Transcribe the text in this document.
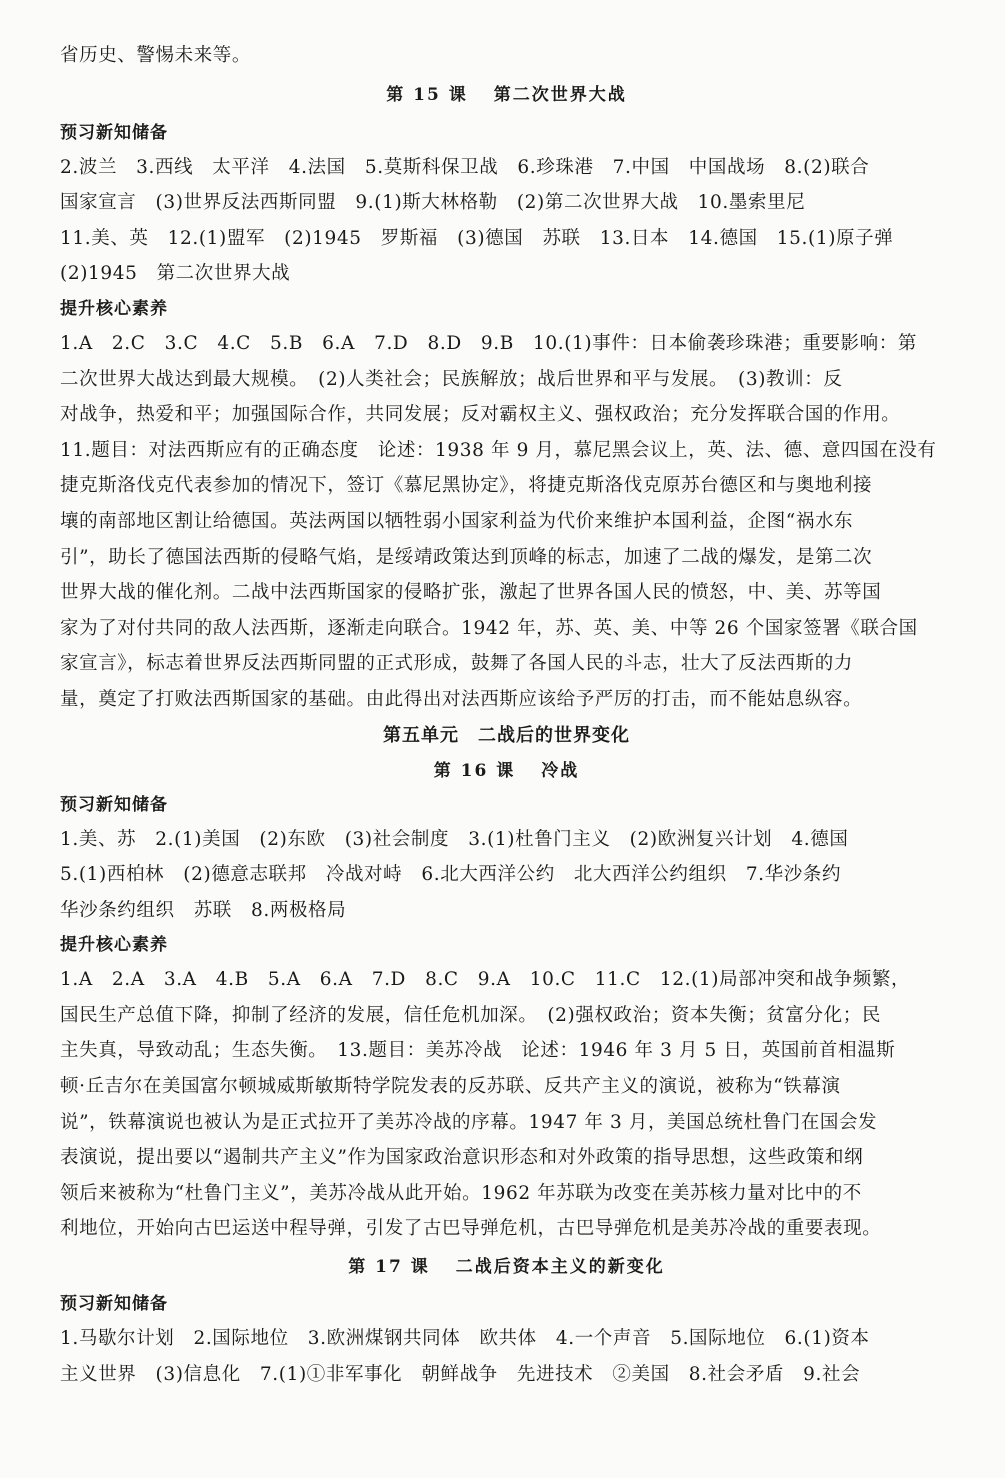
省历史、警惕未来等。

第 15 课 第二次世界大战
预习新知储备

2.波兰　3.西线　太平洋　4.法国　5.莫斯科保卫战　6.珍珠港　7.中国　中国战场　8.(2)联合

国家宣言　(3)世界反法西斯同盟　9.(1)斯大林格勒　(2)第二次世界大战　10.墨索里尼

11.美、英　12.(1)盟军　(2)1945　罗斯福　(3)德国　苏联　13.日本　14.德国　15.(1)原子弹

(2)1945　第二次世界大战

提升核心素养

1.A　2.C　3.C　4.C　5.B　6.A　7.D　8.D　9.B　10.(1)事件：日本偷袭珍珠港；重要影响：第

二次世界大战达到最大规模。　(2)人类社会；民族解放；战后世界和平与发展。　(3)教训：反

对战争，热爱和平；加强国际合作，共同发展；反对霸权主义、强权政治；充分发挥联合国的作用。

11.题目：对法西斯应有的正确态度　论述：1938 年 9 月，慕尼黑会议上，英、法、德、意四国在没有

捷克斯洛伐克代表参加的情况下，签订《慕尼黑协定》，将捷克斯洛伐克原苏台德区和与奥地利接

壤的南部地区割让给德国。英法两国以牺牲弱小国家利益为代价来维护本国利益，企图“祸水东

引”，助长了德国法西斯的侵略气焰，是绥靖政策达到顶峰的标志，加速了二战的爆发，是第二次

世界大战的催化剂。二战中法西斯国家的侵略扩张，激起了世界各国人民的愤怒，中、美、苏等国

家为了对付共同的敌人法西斯，逐渐走向联合。1942 年，苏、英、美、中等 26 个国家签署《联合国

家宣言》，标志着世界反法西斯同盟的正式形成，鼓舞了各国人民的斗志，壮大了反法西斯的力

量，奠定了打败法西斯国家的基础。由此得出对法西斯应该给予严厉的打击，而不能姑息纵容。

第五单元　二战后的世界变化
第 16 课 冷战
预习新知储备

1.美、苏　2.(1)美国　(2)东欧　(3)社会制度　3.(1)杜鲁门主义　(2)欧洲复兴计划　4.德国

5.(1)西柏林　(2)德意志联邦　冷战对峙　6.北大西洋公约　北大西洋公约组织　7.华沙条约

华沙条约组织　苏联　8.两极格局

提升核心素养

1.A　2.A　3.A　4.B　5.A　6.A　7.D　8.C　9.A　10.C　11.C　12.(1)局部冲突和战争频繁，

国民生产总值下降，抑制了经济的发展，信任危机加深。　(2)强权政治；资本失衡；贫富分化；民

主失真，导致动乱；生态失衡。　13.题目：美苏冷战　论述：1946 年 3 月 5 日，英国前首相温斯

顿·丘吉尔在美国富尔顿城威斯敏斯特学院发表的反苏联、反共产主义的演说，被称为“铁幕演

说”，铁幕演说也被认为是正式拉开了美苏冷战的序幕。1947 年 3 月，美国总统杜鲁门在国会发

表演说，提出要以“遏制共产主义”作为国家政治意识形态和对外政策的指导思想，这些政策和纲

领后来被称为“杜鲁门主义”，美苏冷战从此开始。1962 年苏联为改变在美苏核力量对比中的不

利地位，开始向古巴运送中程导弹，引发了古巴导弹危机，古巴导弹危机是美苏冷战的重要表现。

第 17 课 二战后资本主义的新变化
预习新知储备

1.马歇尔计划　2.国际地位　3.欧洲煤钢共同体　欧共体　4.一个声音　5.国际地位　6.(1)资本

主义世界　(3)信息化　7.(1)①非军事化　朝鲜战争　先进技术　②美国　8.社会矛盾　9.社会
